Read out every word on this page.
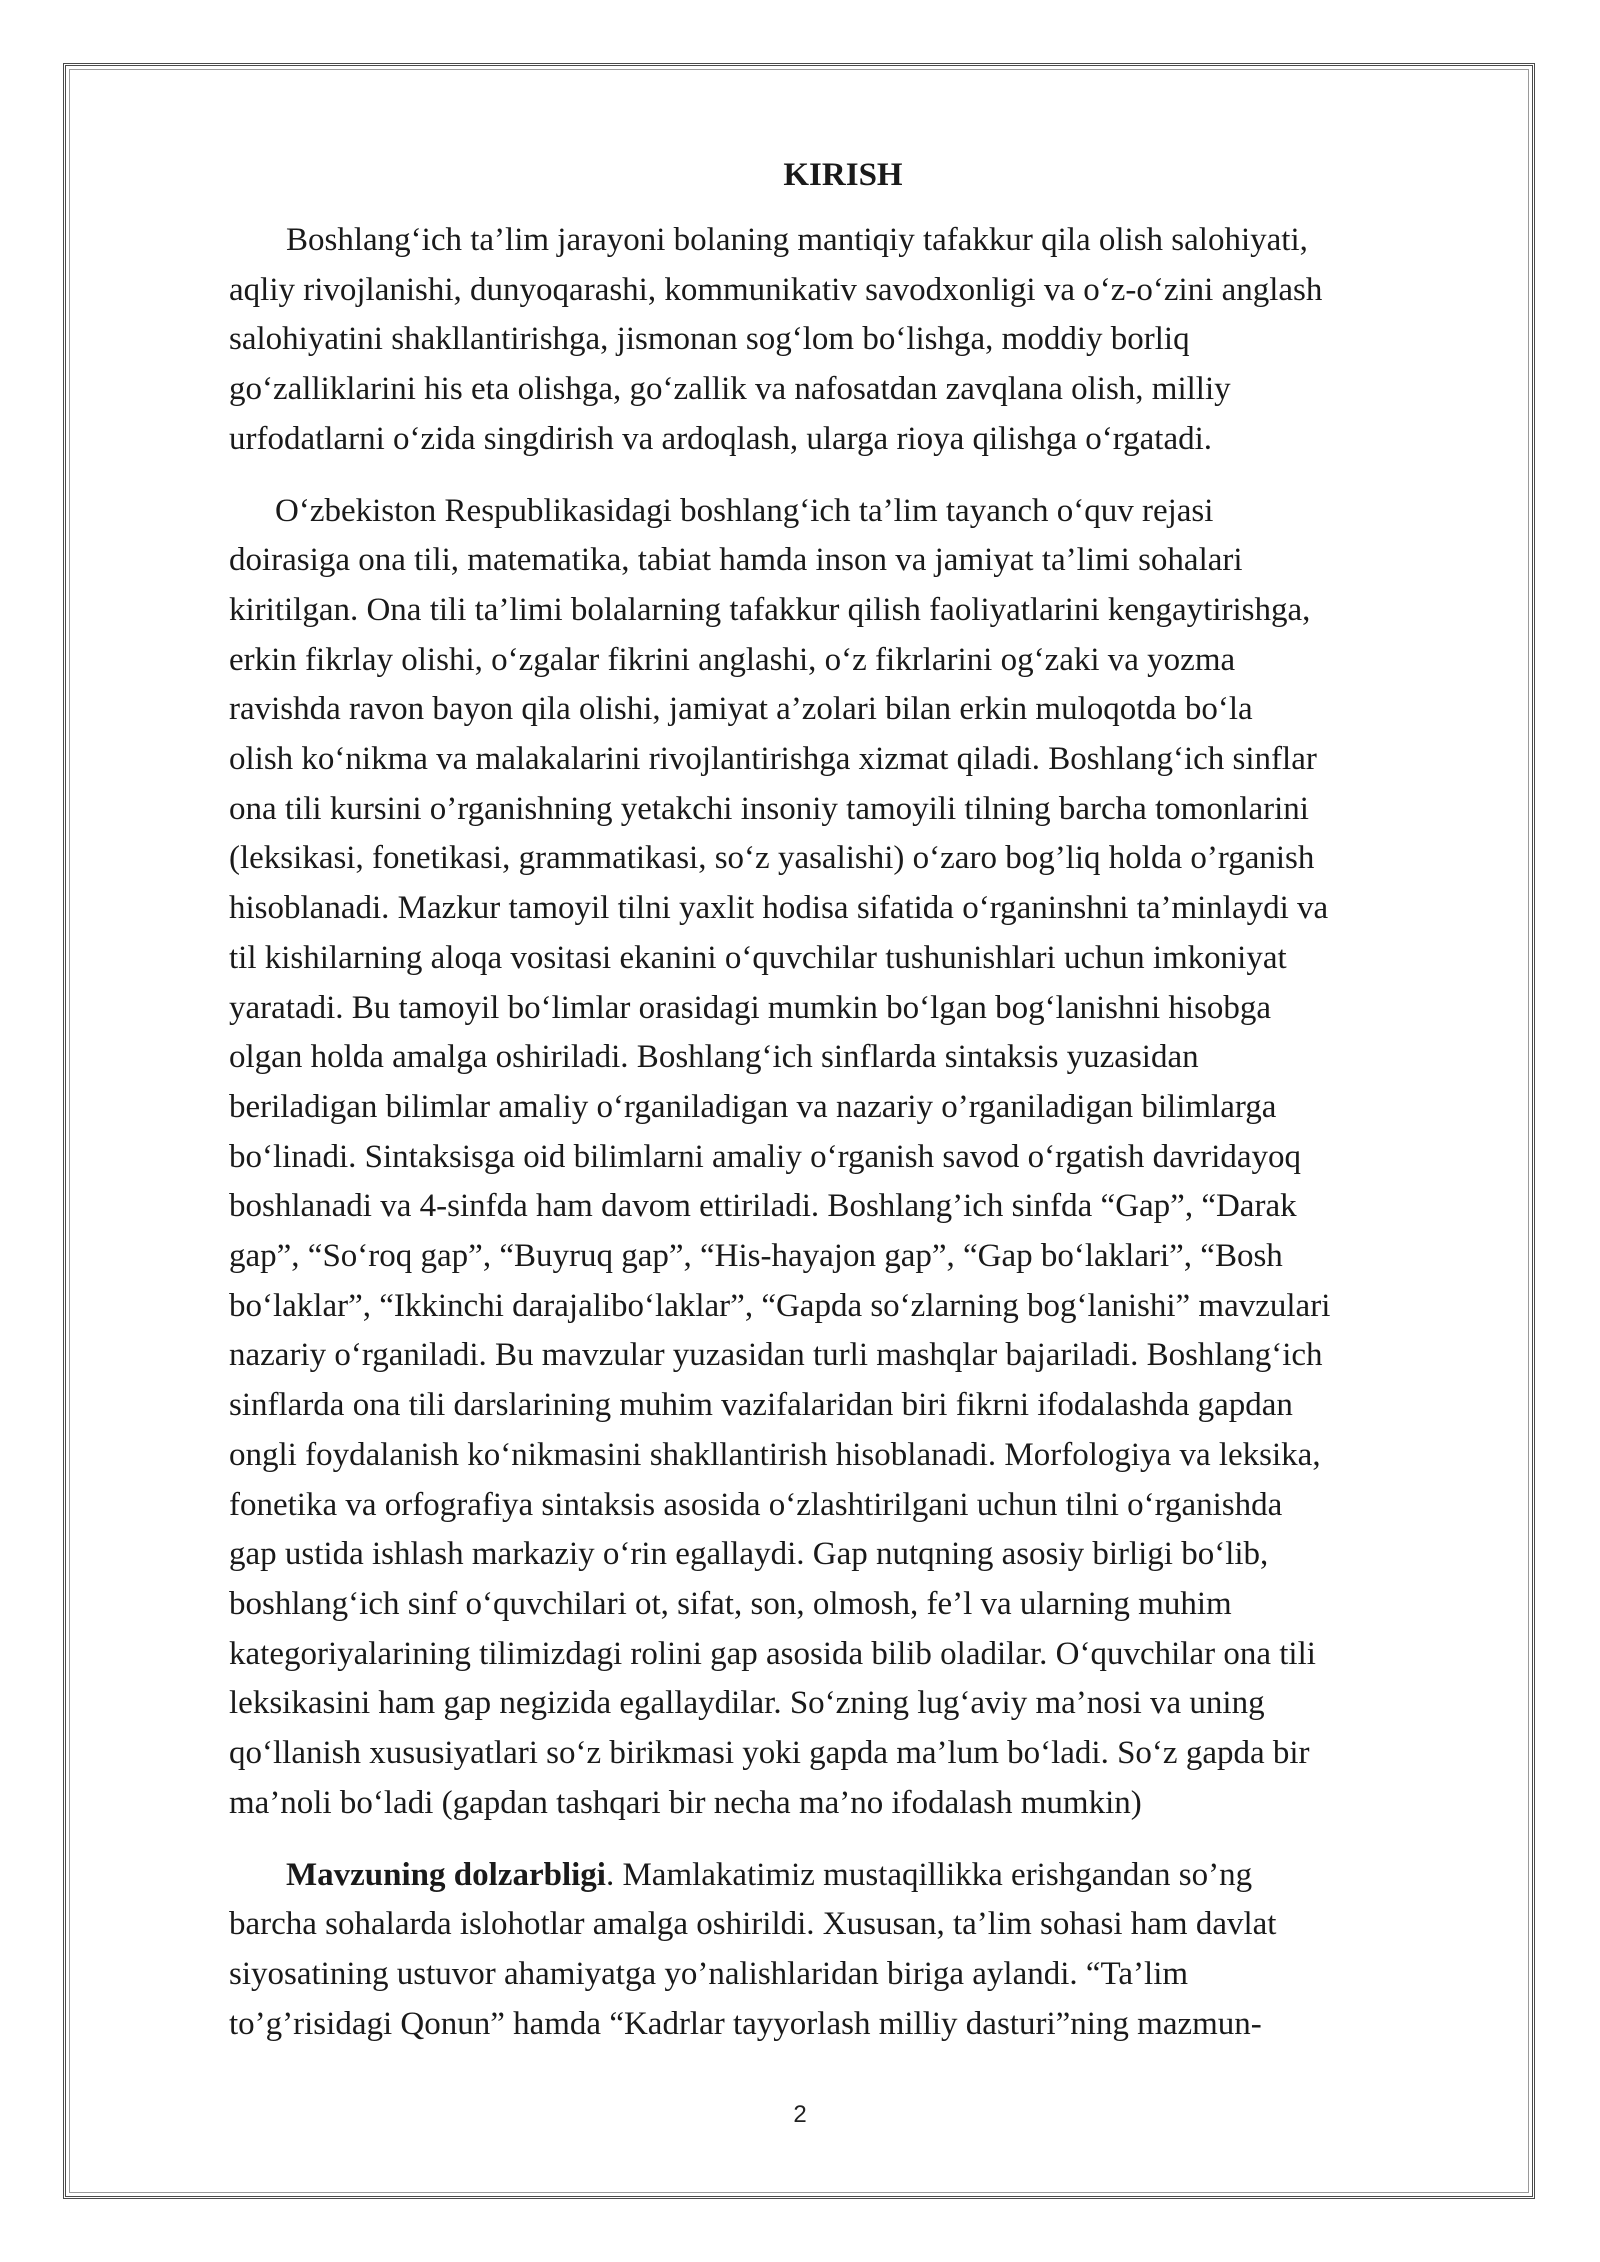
KIRISH

Boshlang‘ich ta’lim jarayoni bolaning mantiqiy tafakkur qila olish salohiyati,
aqliy rivojlanishi, dunyoqarashi, kommunikativ savodxonligi va o‘z-o‘zini anglash
salohiyatini shakllantirishga, jismonan sog‘lom bo‘lishga, moddiy borliq
go‘zalliklarini his eta olishga, go‘zallik va nafosatdan zavqlana olish, milliy
urfodatlarni o‘zida singdirish va ardoqlash, ularga rioya qilishga o‘rgatadi.

O‘zbekiston Respublikasidagi boshlang‘ich ta’lim tayanch o‘quv rejasi
doirasiga ona tili, matematika, tabiat hamda inson va jamiyat ta’limi sohalari
kiritilgan. Ona tili ta’limi bolalarning tafakkur qilish faoliyatlarini kengaytirishga,
erkin fikrlay olishi, o‘zgalar fikrini anglashi, o‘z fikrlarini og‘zaki va yozma
ravishda ravon bayon qila olishi, jamiyat a’zolari bilan erkin muloqotda bo‘la
olish ko‘nikma va malakalarini rivojlantirishga xizmat qiladi. Boshlang‘ich sinflar
ona tili kursini o’rganishning yetakchi insoniy tamoyili tilning barcha tomonlarini
(leksikasi, fonetikasi, grammatikasi, so‘z yasalishi) o‘zaro bog’liq holda o’rganish
hisoblanadi. Mazkur tamoyil tilni yaxlit hodisa sifatida o‘rganinshni ta’minlaydi va
til kishilarning aloqa vositasi ekanini o‘quvchilar tushunishlari uchun imkoniyat
yaratadi. Bu tamoyil bo‘limlar orasidagi mumkin bo‘lgan bog‘lanishni hisobga
olgan holda amalga oshiriladi. Boshlang‘ich sinflarda sintaksis yuzasidan
beriladigan bilimlar amaliy o‘rganiladigan va nazariy o’rganiladigan bilimlarga
bo‘linadi. Sintaksisga oid bilimlarni amaliy o‘rganish savod o‘rgatish davridayoq
boshlanadi va 4-sinfda ham davom ettiriladi. Boshlang’ich sinfda “Gap”, “Darak
gap”, “So‘roq gap”, “Buyruq gap”, “His-hayajon gap”, “Gap bo‘laklari”, “Bosh
bo‘laklar”, “Ikkinchi darajalibo‘laklar”, “Gapda so‘zlarning bog‘lanishi” mavzulari
nazariy o‘rganiladi. Bu mavzular yuzasidan turli mashqlar bajariladi. Boshlang‘ich
sinflarda ona tili darslarining muhim vazifalaridan biri fikrni ifodalashda gapdan
ongli foydalanish ko‘nikmasini shakllantirish hisoblanadi. Morfologiya va leksika,
fonetika va orfografiya sintaksis asosida o‘zlashtirilgani uchun tilni o‘rganishda
gap ustida ishlash markaziy o‘rin egallaydi. Gap nutqning asosiy birligi bo‘lib,
boshlang‘ich sinf o‘quvchilari ot, sifat, son, olmosh, fe’l va ularning muhim
kategoriyalarining tilimizdagi rolini gap asosida bilib oladilar. O‘quvchilar ona tili
leksikasini ham gap negizida egallaydilar. So‘zning lug‘aviy ma’nosi va uning
qo‘llanish xususiyatlari so‘z birikmasi yoki gapda ma’lum bo‘ladi. So‘z gapda bir
ma’noli bo‘ladi (gapdan tashqari bir necha ma’no ifodalash mumkin)

Mavzuning dolzarbligi. Mamlakatimiz mustaqillikka erishgandan so’ng
barcha sohalarda islohotlar amalga oshirildi. Xususan, ta’lim sohasi ham davlat
siyosatining ustuvor ahamiyatga yo’nalishlaridan biriga aylandi. “Ta’lim
to’g’risidagi Qonun” hamda “Kadrlar tayyorlash milliy dasturi”ning mazmun-

2
